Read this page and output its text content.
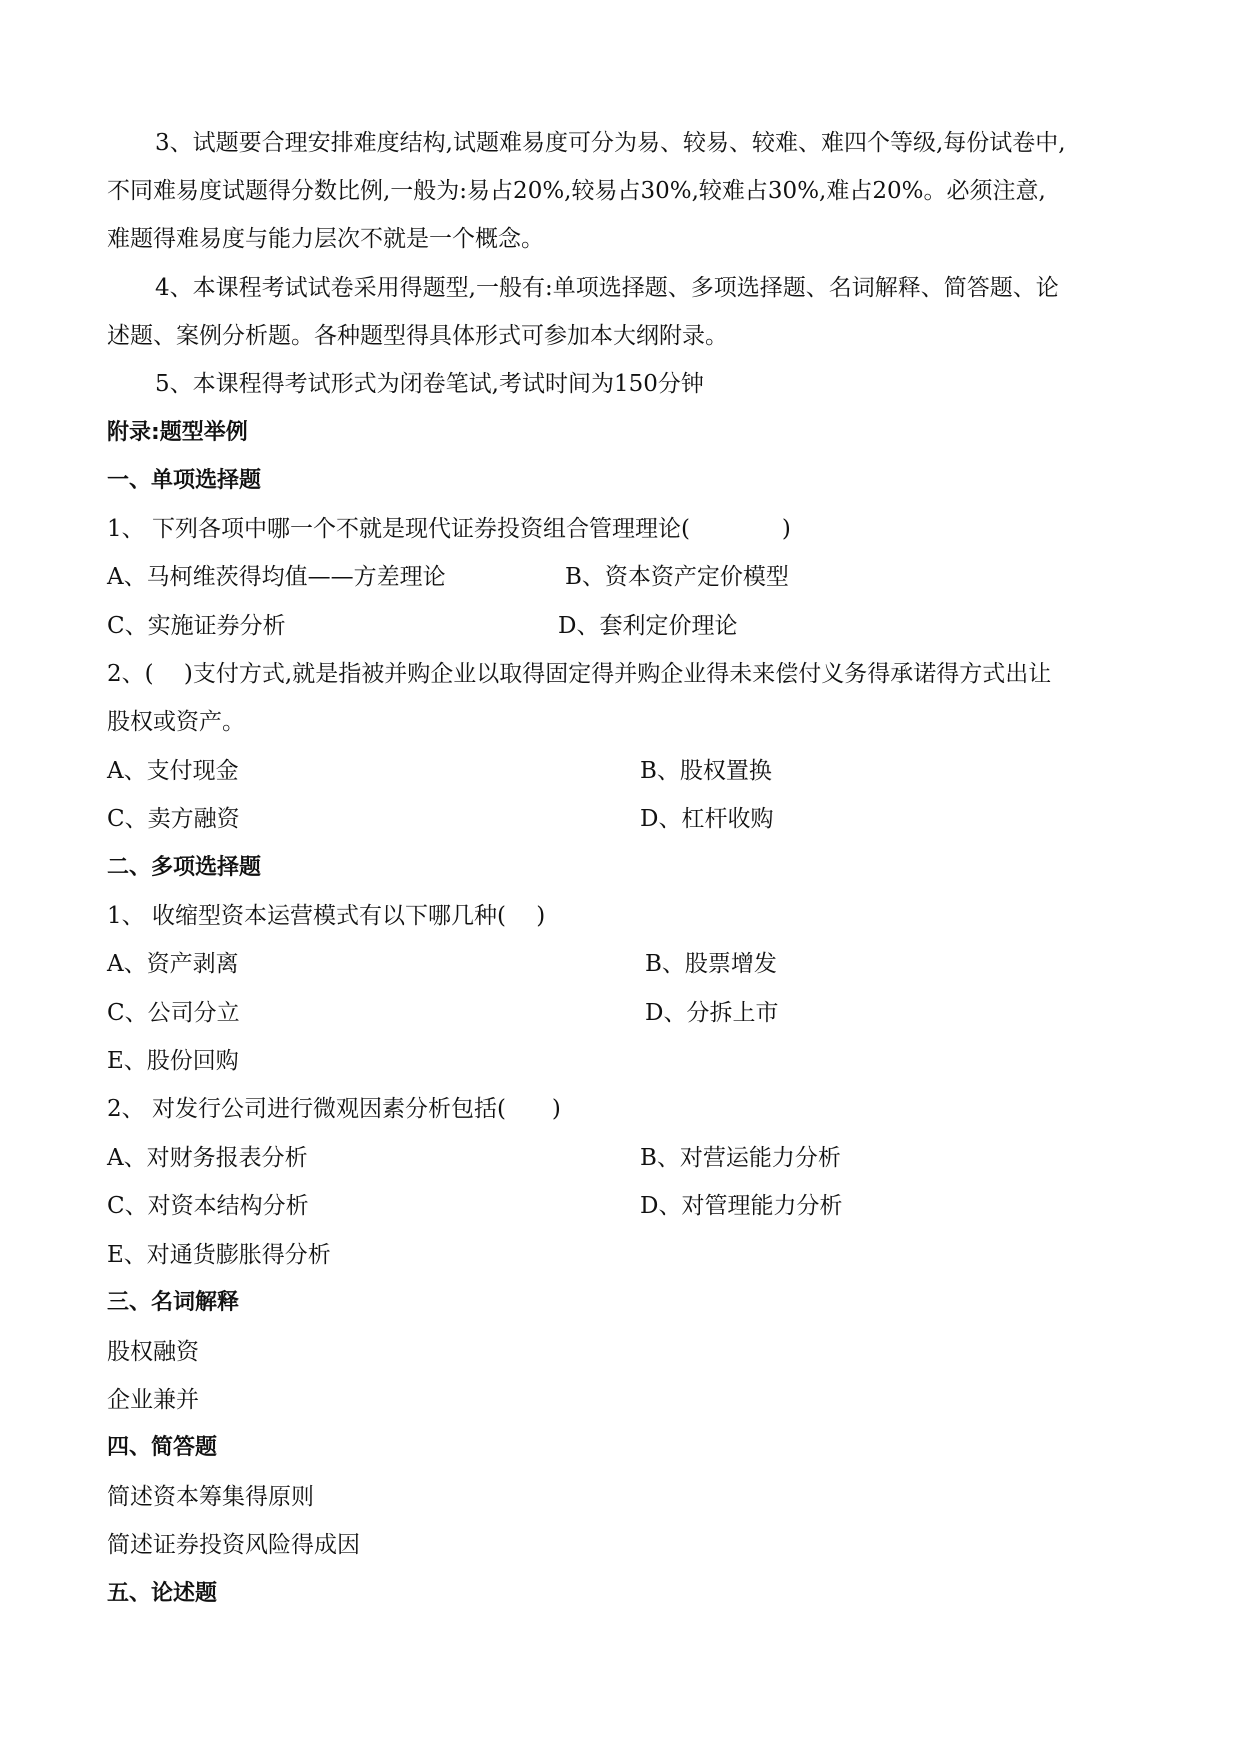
3、试题要合理安排难度结构,试题难易度可分为易、较易、较难、难四个等级,每份试卷中,
不同难易度试题得分数比例,一般为:易占20%,较易占30%,较难占30%,难占20%。必须注意,
难题得难易度与能力层次不就是一个概念。
4、本课程考试试卷采用得题型,一般有:单项选择题、多项选择题、名词解释、简答题、论
述题、案例分析题。各种题型得具体形式可参加本大纲附录。
5、本课程得考试形式为闭卷笔试,考试时间为150分钟
附录:题型举例
一、单项选择题
1、 下列各项中哪一个不就是现代证券投资组合管理理论(　　　　)
A、马柯维茨得均值——方差理论	B、资本资产定价模型
C、实施证券分析	D、套利定价理论
2、(　 )支付方式,就是指被并购企业以取得固定得并购企业得未来偿付义务得承诺得方式出让
股权或资产。
A、支付现金	B、股权置换
C、卖方融资	D、杠杆收购
二、多项选择题
1、 收缩型资本运营模式有以下哪几种(　 )
A、资产剥离	B、股票增发
C、公司分立	D、分拆上市
E、股份回购
2、 对发行公司进行微观因素分析包括(　　)
A、对财务报表分析	B、对营运能力分析
C、对资本结构分析	D、对管理能力分析
E、对通货膨胀得分析
三、名词解释
股权融资
企业兼并
四、简答题
简述资本筹集得原则
简述证券投资风险得成因
五、论述题
